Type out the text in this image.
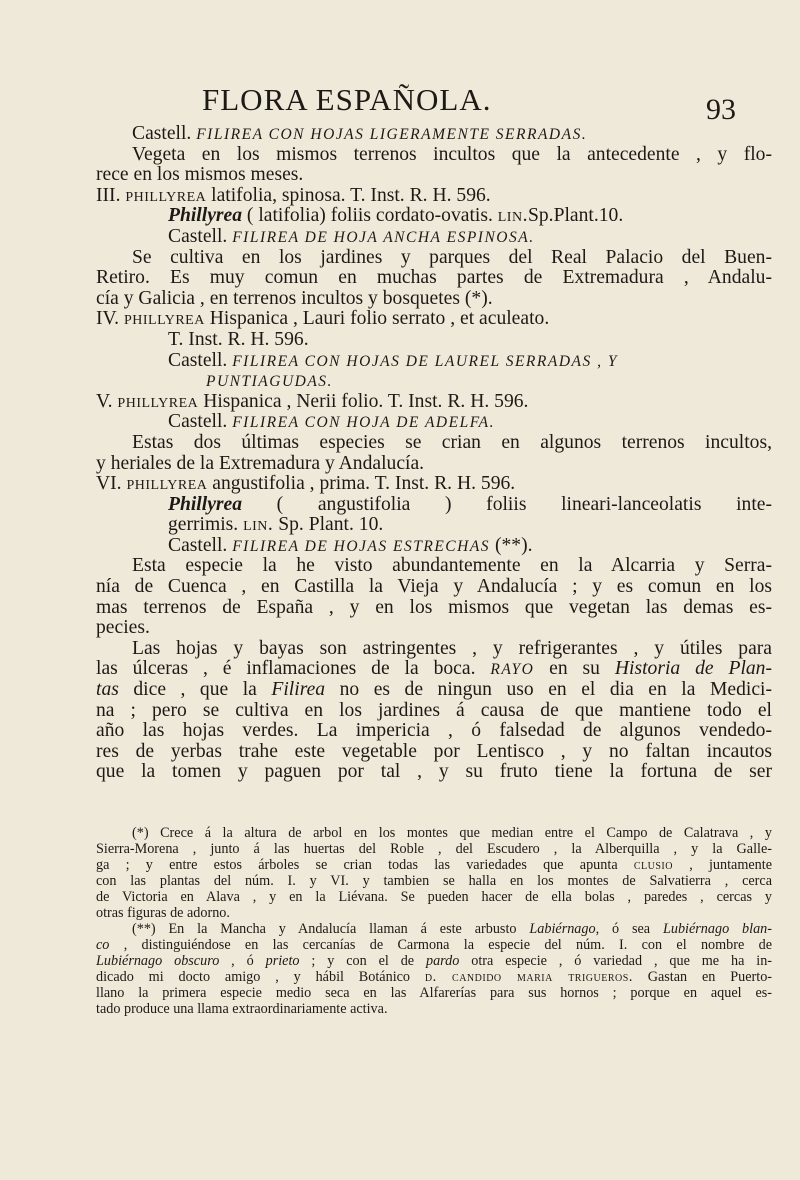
FLORA ESPAÑOLA.	93
Castell. FILIREA CON HOJAS LIGERAMENTE SERRADAS.
Vegeta en los mismos terrenos incultos que la antecedente , y flo-
rece en los mismos meses.
III. phillyrea latifolia, spinosa. T. Inst. R. H. 596.
Phillyrea ( latifolia) foliis cordato-ovatis. lin.Sp.Plant.10.
Castell. FILIREA DE HOJA ANCHA ESPINOSA.
Se cultiva en los jardines y parques del Real Palacio del Buen-
Retiro. Es muy comun en muchas partes de Extremadura , Andalu-
cía y Galicia , en terrenos incultos y bosquetes (*).
IV. phillyrea Hispanica , Lauri folio serrato , et aculeato.
T. Inst. R. H. 596.
Castell. FILIREA CON HOJAS DE LAUREL SERRADAS , Y
PUNTIAGUDAS.
V. phillyrea Hispanica , Nerii folio. T. Inst. R. H. 596.
Castell. FILIREA CON HOJA DE ADELFA.
Estas dos últimas especies se crian en algunos terrenos incultos,
y heriales de la Extremadura y Andalucía.
VI. phillyrea angustifolia , prima. T. Inst. R. H. 596.
Phillyrea ( angustifolia ) foliis lineari-lanceolatis inte-
gerrimis. lin. Sp. Plant. 10.
Castell. FILIREA DE HOJAS ESTRECHAS (**).
Esta especie la he visto abundantemente en la Alcarria y Serra-
nía de Cuenca , en Castilla la Vieja y Andalucía ; y es comun en los
mas terrenos de España , y en los mismos que vegetan las demas es-
pecies.
Las hojas y bayas son astringentes , y refrigerantes , y útiles para
las úlceras , é inflamaciones de la boca. RAYO en su Historia de Plan-
tas dice , que la Filirea no es de ningun uso en el dia en la Medici-
na ; pero se cultiva en los jardines á causa de que mantiene todo el
año las hojas verdes. La impericia , ó falsedad de algunos vendedo-
res de yerbas trahe este vegetable por Lentisco , y no faltan incautos
que la tomen y paguen por tal , y su fruto tiene la fortuna de ser
(*) Crece á la altura de arbol en los montes que median entre el Campo de Calatrava , y
Sierra-Morena , junto á las huertas del Roble , del Escudero , la Alberquilla , y la Galle-
ga ; y entre estos árboles se crian todas las variedades que apunta clusio , juntamente
con las plantas del núm. I. y VI. y tambien se halla en los montes de Salvatierra , cerca
de Victoria en Alava , y en la Liévana. Se pueden hacer de ella bolas , paredes , cercas y
otras figuras de adorno.
(**) En la Mancha y Andalucía llaman á este arbusto Labiérnago, ó sea Lubiérnago blan-
co , distinguiéndose en las cercanías de Carmona la especie del núm. I. con el nombre de
Lubiérnago obscuro , ó prieto ; y con el de pardo otra especie , ó variedad , que me ha in-
dicado mi docto amigo , y hábil Botánico d. candido maria trigueros. Gastan en Puerto-
llano la primera especie medio seca en las Alfarerías para sus hornos ; porque en aquel es-
tado produce una llama extraordinariamente activa.
